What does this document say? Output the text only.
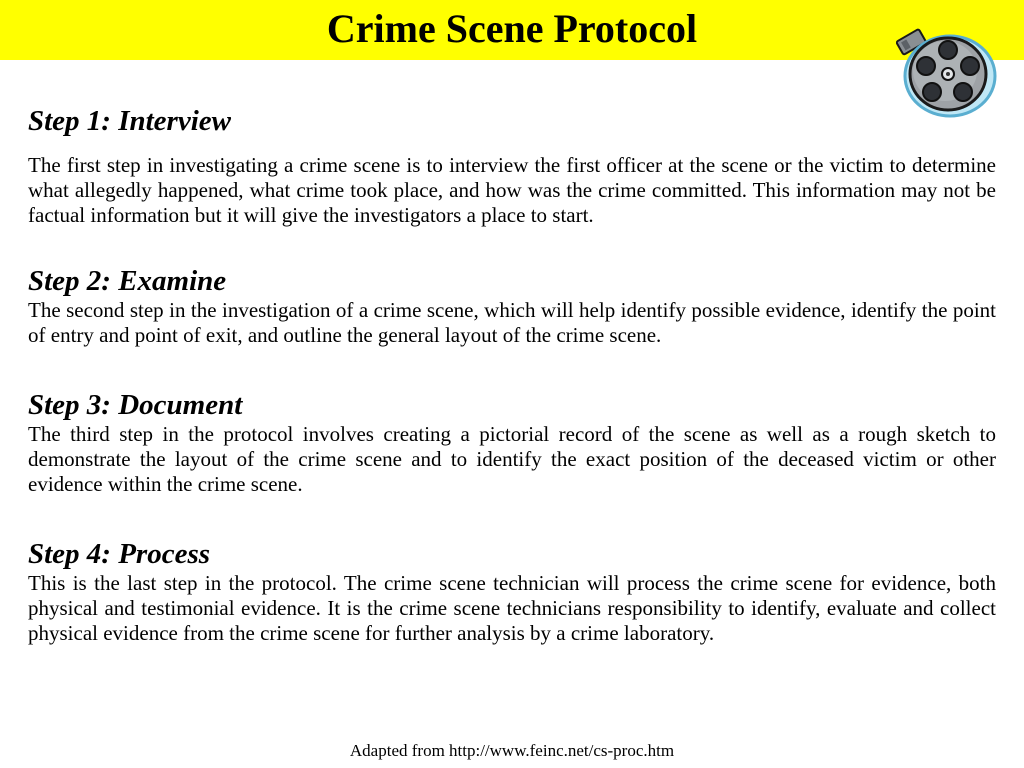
Crime Scene Protocol
Step 1: Interview

The first step in investigating a crime scene is to interview the first officer at the scene or the victim to determine what allegedly happened, what crime took place, and how was the crime committed. This information may not be factual information but it will give the investigators a place to start.

Step 2: Examine

The second step in the investigation of a crime scene, which will help identify possible evidence, identify the point of entry and point of exit, and outline the general layout of the crime scene.

Step 3: Document

The third step in the protocol involves creating a pictorial record of the scene as well as a rough sketch to demonstrate the layout of the crime scene and to identify the exact position of the deceased victim or other evidence within the crime scene.

Step 4: Process

This is the last step in the protocol. The crime scene technician will process the crime scene for evidence, both physical and testimonial evidence. It is the crime scene technicians responsibility to identify, evaluate and collect physical evidence from the crime scene for further analysis by a crime laboratory.

Adapted from http://www.feinc.net/cs-proc.htm
